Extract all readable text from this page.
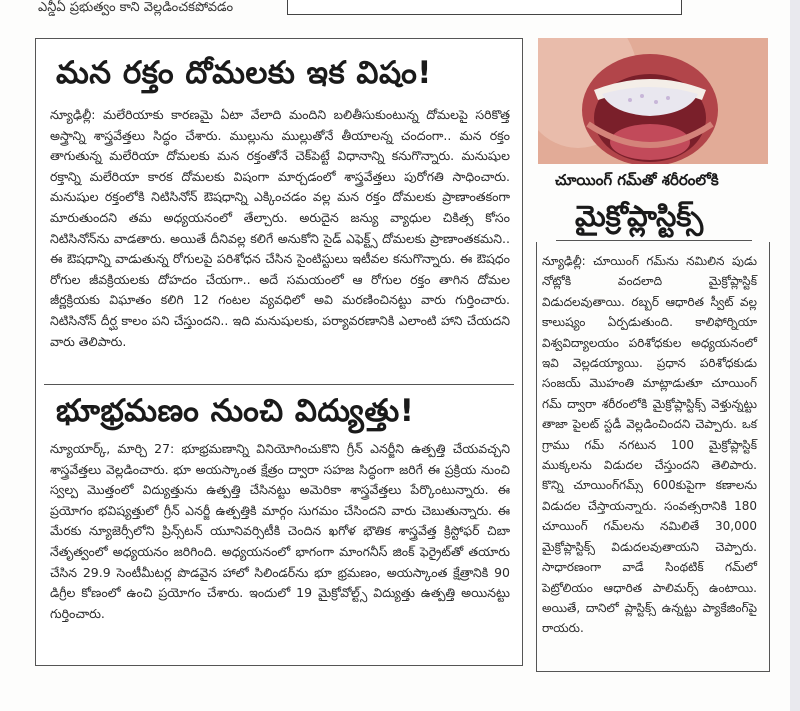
ఎన్డీఏ ప్రభుత్వం కాని వెల్లడించకపోవడం
మన రక్తం దోమలకు ఇక విషం!
న్యూఢిల్లీ: మలేరియాకు కారణమై ఏటా వేలాది మందిని బలితీసుకుంటున్న దోమలపై సరికొత్త అస్త్రాన్ని శాస్త్రవేత్తలు సిద్ధం చేశారు. ముల్లును ముల్లుతోనే తీయాలన్న చందంగా.. మన రక్తం తాగుతున్న మలేరియా దోమలకు మన రక్తంతోనే చెక్‌పెట్టే విధానాన్ని కనుగొన్నారు. మనుషుల రక్తాన్ని మలేరియా కారక దోమలకు విషంగా మార్చడంలో శాస్త్రవేత్తలు పురోగతి సాధించారు. మనుషుల రక్తంలోకి నిటిసినోన్ ఔషధాన్ని ఎక్కించడం వల్ల మన రక్తం దోమలకు ప్రాణాంతకంగా మారుతుందని తమ అధ్యయనంలో తేల్చారు. అరుదైన జన్యు వ్యాధుల చికిత్స కోసం నిటిసినోన్‌ను వాడతారు. అయితే దీనివల్ల కలిగే అనుకోని సైడ్ ఎఫెక్ట్స్ దోమలకు ప్రాణాంతకమని.. ఈ ఔషధాన్ని వాడుతున్న రోగులపై పరిశోధన చేసిన సైంటిస్టులు ఇటీవల కనుగొన్నారు. ఈ ఔషధం రోగుల జీవక్రియలకు దోహదం చేయగా.. అదే సమయంలో ఆ రోగుల రక్తం తాగిన దోమల జీర్ణక్రియకు విఘాతం కలిగి 12 గంటల వ్యవధిలో అవి మరణించినట్టు వారు గుర్తించారు. నిటిసినోన్ దీర్ఘ కాలం పని చేస్తుందని.. ఇది మనుషులకు, పర్యావరణానికి ఎలాంటి హాని చేయదని వారు తెలిపారు.
భూభ్రమణం నుంచి విద్యుత్తు!
న్యూయార్క్, మార్చి 27: భూభ్రమణాన్ని వినియోగించుకొని గ్రీన్ ఎనర్జీని ఉత్పత్తి చేయవచ్చని శాస్త్రవేత్తలు వెల్లడించారు. భూ అయస్కాంత క్షేత్రం ద్వారా సహజ సిద్ధంగా జరిగే ఈ ప్రక్రియ నుంచి స్వల్ప మొత్తంలో విద్యుత్తును ఉత్పత్తి చేసినట్టు అమెరికా శాస్త్రవేత్తలు పేర్కొంటున్నారు. ఈ ప్రయోగం భవిష్యత్తులో గ్రీన్ ఎనర్జీ ఉత్పత్తికి మార్గం సుగమం చేసిందని వారు చెబుతున్నారు. ఈ మేరకు న్యూజెర్సీలోని ప్రిన్స్‌టన్ యూనివర్సిటీకి చెందిన ఖగోళ భౌతిక శాస్త్రవేత్త క్రిస్టోఫర్ చిబా నేతృత్వంలో అధ్యయనం జరిగింది. అధ్యయనంలో భాగంగా మాంగనీస్ జింక్ ఫెర్రైట్‌తో తయారు చేసిన 29.9 సెంటీమీటర్ల పొడవైన హాలో సిలిండర్‌ను భూ భ్రమణం, అయస్కాంత క్షేత్రానికి 90 డిగ్రీల కోణంలో ఉంచి ప్రయోగం చేశారు. ఇందులో 19 మైక్రోవోల్ట్స్ విద్యుత్తు ఉత్పత్తి అయినట్టు గుర్తించారు.
చూయింగ్ గమ్‌తో శరీరంలోకి
మైక్రోప్లాస్టిక్స్
న్యూఢిల్లీ: చూయింగ్ గమ్‌ను నమిలిన పుడు నోట్లోకి వందలాది మైక్రోప్లాస్టిక్ విడుదలవుతాయి. రబ్బర్ ఆధారిత స్వీట్ వల్ల కాలుష్యం ఏర్పడుతుంది. కాలిఫోర్నియా విశ్వవిద్యాలయం పరిశోధకుల అధ్యయనంలో ఇవి వెల్లడయ్యాయి. ప్రధాన పరిశోధకుడు సంజయ్ మొహంతి మాట్లాడుతూ చూయింగ్ గమ్ ద్వారా శరీరంలోకి మైక్రోప్లాస్టిక్స్ వెళ్తున్నట్టు తాజా పైలట్ స్టడీ వెల్లడించిందని చెప్పారు. ఒక గ్రాము గమ్ నగటున 100 మైక్రోప్లాస్టిక్ ముక్కలను విడుదల చేస్తుందని తెలిపారు. కొన్ని చూయింగ్‌గమ్స్ 600కుపైగా కణాలను విడుదల చేస్తాయన్నారు. సంవత్సరానికి 180 చూయింగ్ గమ్‌లను నమిలితే 30,000 మైక్రోప్లాస్టిక్స్ విడుదలవుతాయని చెప్పారు. సాధారణంగా వాడే సింథటిక్ గమ్‌లో పెట్రోలియం ఆధారిత పాలిమర్స్ ఉంటాయి. అయితే, దానిలో ప్లాస్టిక్స్ ఉన్నట్టు ప్యాకేజింగ్‌పై రాయరు.
